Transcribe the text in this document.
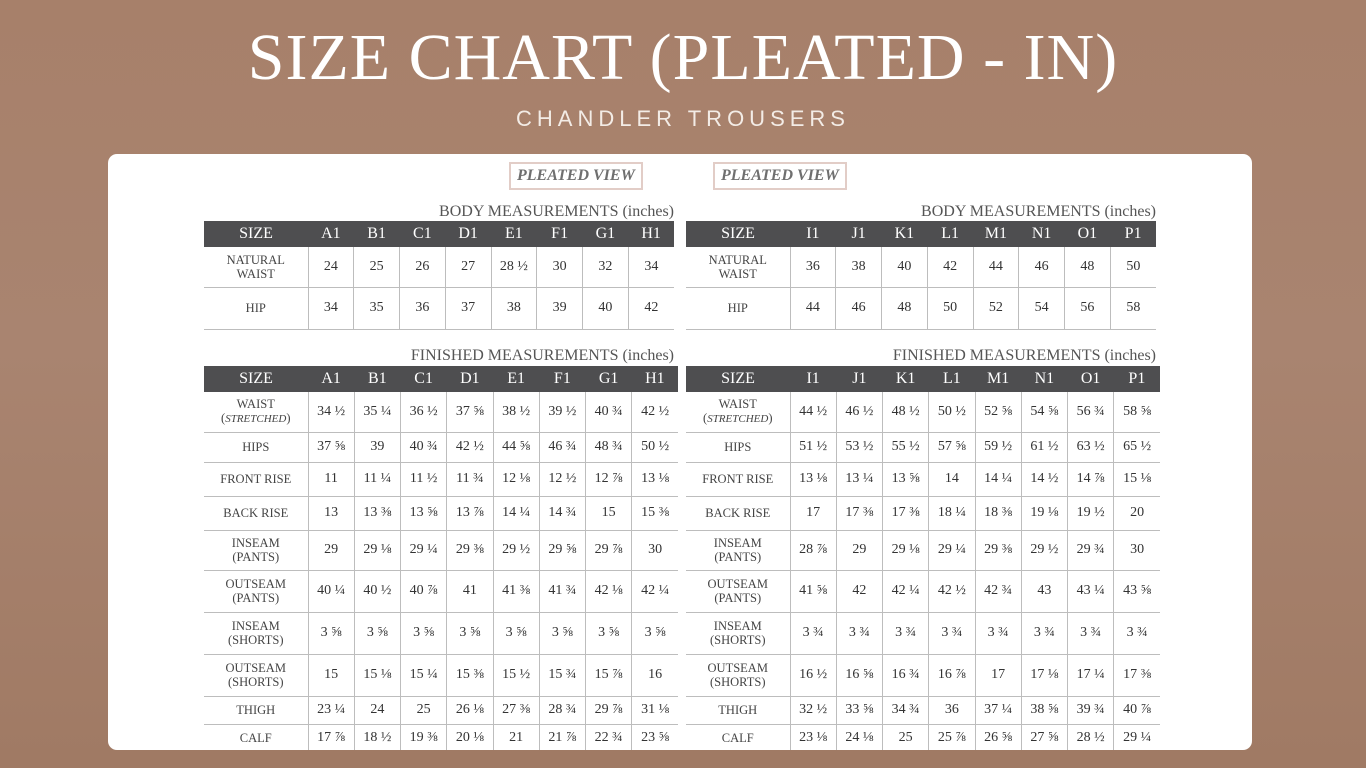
SIZE CHART (PLEATED - IN)
CHANDLER TROUSERS
PLEATED VIEW	PLEATED VIEW
BODY MEASUREMENTS (inches)	BODY MEASUREMENTS (inches)
SIZE	A1	B1	C1	D1	E1	F1	G1	H1
NATURAL
WAIST	24	25	26	27	28 ½	30	32	34
HIP	34	35	36	37	38	39	40	42
SIZE	I1	J1	K1	L1	M1	N1	O1	P1
NATURAL
WAIST	36	38	40	42	44	46	48	50
HIP	44	46	48	50	52	54	56	58
FINISHED MEASUREMENTS (inches)	FINISHED MEASUREMENTS (inches)
SIZE	A1	B1	C1	D1	E1	F1	G1	H1
WAIST
(STRETCHED)	34 ½	35 ¼	36 ½	37 ⅝	38 ½	39 ½	40 ¾	42 ½
HIPS	37 ⅝	39	40 ¾	42 ½	44 ⅝	46 ¾	48 ¾	50 ½
FRONT RISE	11	11 ¼	11 ½	11 ¾	12 ⅛	12 ½	12 ⅞	13 ⅛
BACK RISE	13	13 ⅜	13 ⅝	13 ⅞	14 ¼	14 ¾	15	15 ⅜
INSEAM
(PANTS)	29	29 ⅛	29 ¼	29 ⅜	29 ½	29 ⅝	29 ⅞	30
OUTSEAM
(PANTS)	40 ¼	40 ½	40 ⅞	41	41 ⅜	41 ¾	42 ⅛	42 ¼
INSEAM
(SHORTS)	3 ⅝	3 ⅝	3 ⅝	3 ⅝	3 ⅝	3 ⅝	3 ⅝	3 ⅝
OUTSEAM
(SHORTS)	15	15 ⅛	15 ¼	15 ⅜	15 ½	15 ¾	15 ⅞	16
THIGH	23 ¼	24	25	26 ⅛	27 ⅜	28 ¾	29 ⅞	31 ⅛
CALF	17 ⅞	18 ½	19 ⅜	20 ⅛	21	21 ⅞	22 ¾	23 ⅝
SIZE	I1	J1	K1	L1	M1	N1	O1	P1
WAIST
(STRETCHED)	44 ½	46 ½	48 ½	50 ½	52 ⅝	54 ⅝	56 ¾	58 ⅝
HIPS	51 ½	53 ½	55 ½	57 ⅝	59 ½	61 ½	63 ½	65 ½
FRONT RISE	13 ⅛	13 ¼	13 ⅝	14	14 ¼	14 ½	14 ⅞	15 ⅛
BACK RISE	17	17 ⅜	17 ⅜	18 ¼	18 ⅜	19 ⅛	19 ½	20
INSEAM
(PANTS)	28 ⅞	29	29 ⅛	29 ¼	29 ⅜	29 ½	29 ¾	30
OUTSEAM
(PANTS)	41 ⅝	42	42 ¼	42 ½	42 ¾	43	43 ¼	43 ⅝
INSEAM
(SHORTS)	3 ¾	3 ¾	3 ¾	3 ¾	3 ¾	3 ¾	3 ¾	3 ¾
OUTSEAM
(SHORTS)	16 ½	16 ⅝	16 ¾	16 ⅞	17	17 ⅛	17 ¼	17 ⅜
THIGH	32 ½	33 ⅝	34 ¾	36	37 ¼	38 ⅝	39 ¾	40 ⅞
CALF	23 ⅛	24 ⅛	25	25 ⅞	26 ⅝	27 ⅝	28 ½	29 ¼
